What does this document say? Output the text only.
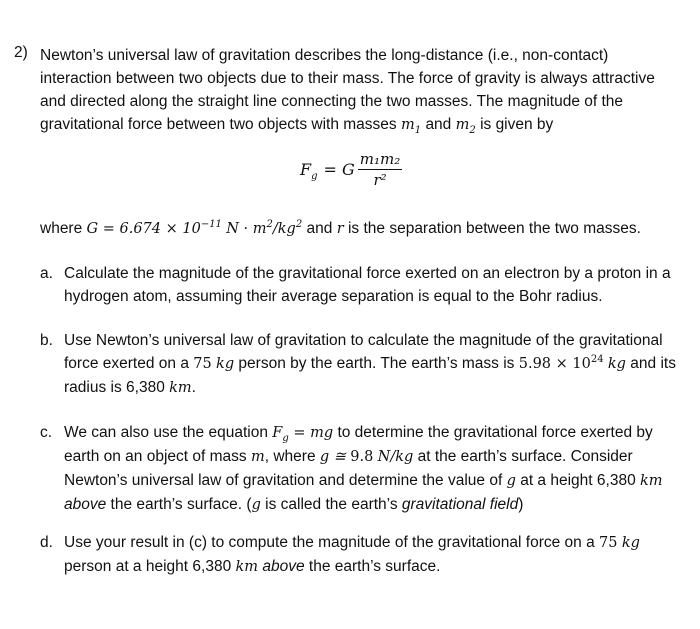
2) Newton’s universal law of gravitation describes the long-distance (i.e., non-contact) interaction between two objects due to their mass. The force of gravity is always attractive and directed along the straight line connecting the two masses. The magnitude of the gravitational force between two objects with masses $m_1$ and $m_2$ is given by

$F_g = G \frac{\text{m₁m₂}}{\text{r²}}$

where $G = 6.674 \times 10^{-11}$ $N \cdot m^2/kg^2$ and r is the separation between the two masses.

a. Calculate the magnitude of the gravitational force exerted on an electron by a proton in a hydrogen atom, assuming their average separation is equal to the Bohr radius.
b. Use Newton’s universal law of gravitation to calculate the magnitude of the gravitational force exerted on a 75 kg person by the earth. The earth’s mass is $5.98 \times 10^{24}$ kg and its radius is 6,380 km.
c. We can also use the equation $F_g$ = mg to determine the gravitational force exerted by earth on an object of mass m, where g ≅ 9.8 N/kg at the earth’s surface. Consider Newton’s universal law of gravitation and determine the value of g at a height 6,380 km above the earth’s surface. (g is called the earth’s gravitational field)
d. Use your result in (c) to compute the magnitude of the gravitational force on a 75 kg person at a height 6,380 km above the earth’s surface.
